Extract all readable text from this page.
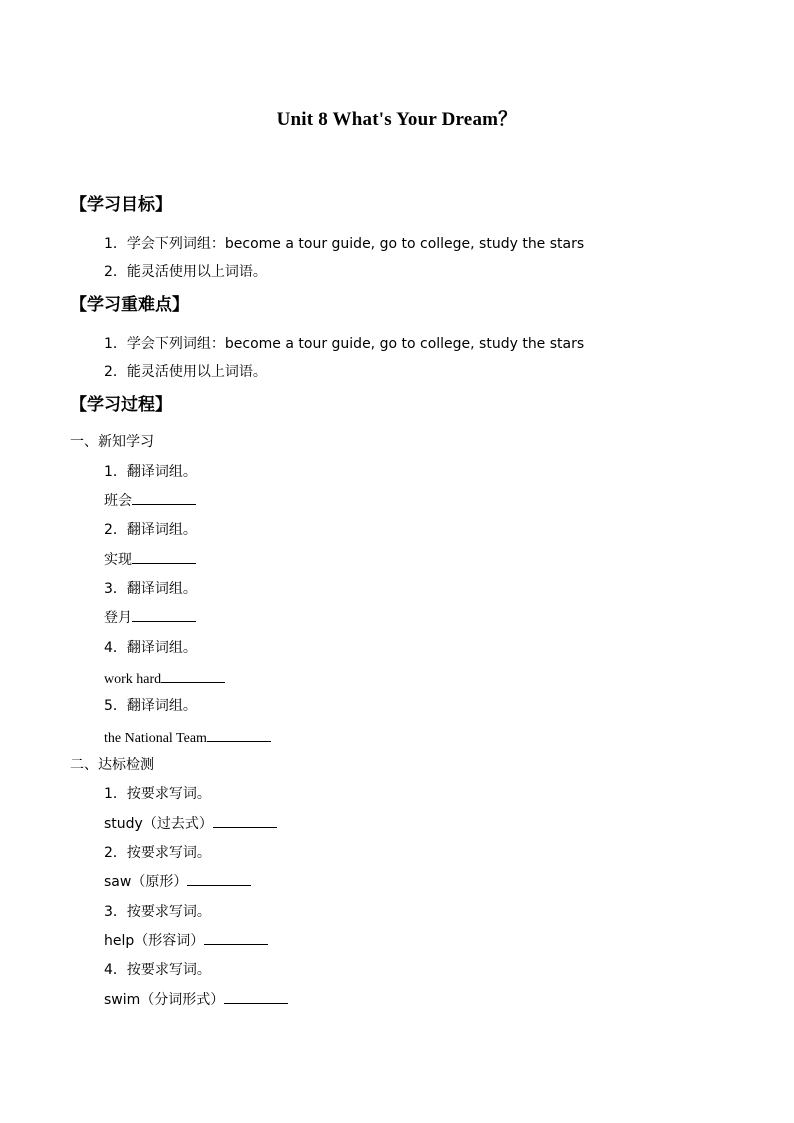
Unit 8 What's Your Dream？
【学习目标】
1．学会下列词组：become a tour guide, go to college, study the stars
2．能灵活使用以上词语。
【学习重难点】
1．学会下列词组：become a tour guide, go to college, study the stars
2．能灵活使用以上词语。
【学习过程】
一、新知学习
1．翻译词组。
班会
2．翻译词组。
实现
3．翻译词组。
登月
4．翻译词组。
work hard
5．翻译词组。
the National Team
二、达标检测
1．按要求写词。
study（过去式）
2．按要求写词。
saw（原形）
3．按要求写词。
help（形容词）
4．按要求写词。
swim（分词形式）
